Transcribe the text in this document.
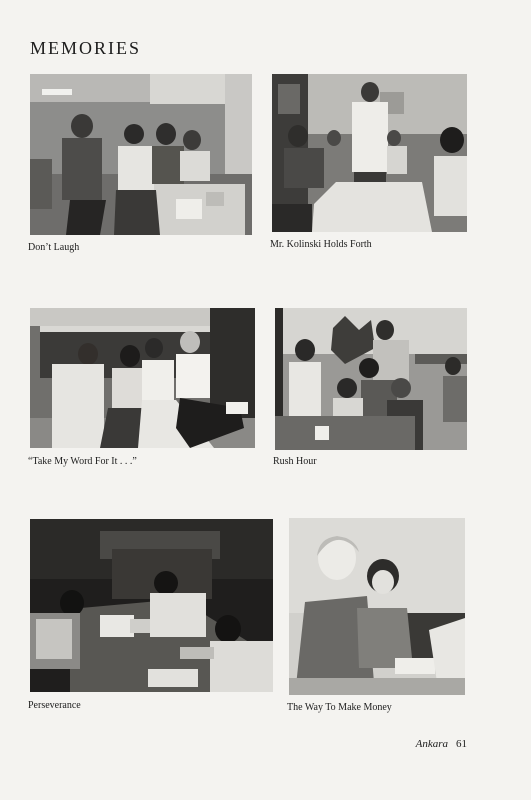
MEMORIES
Don’t Laugh	Mr. Kolinski Holds Forth
“Take My Word For It . . .”	Rush Hour
Perseverance	The Way To Make Money
Ankara 61
